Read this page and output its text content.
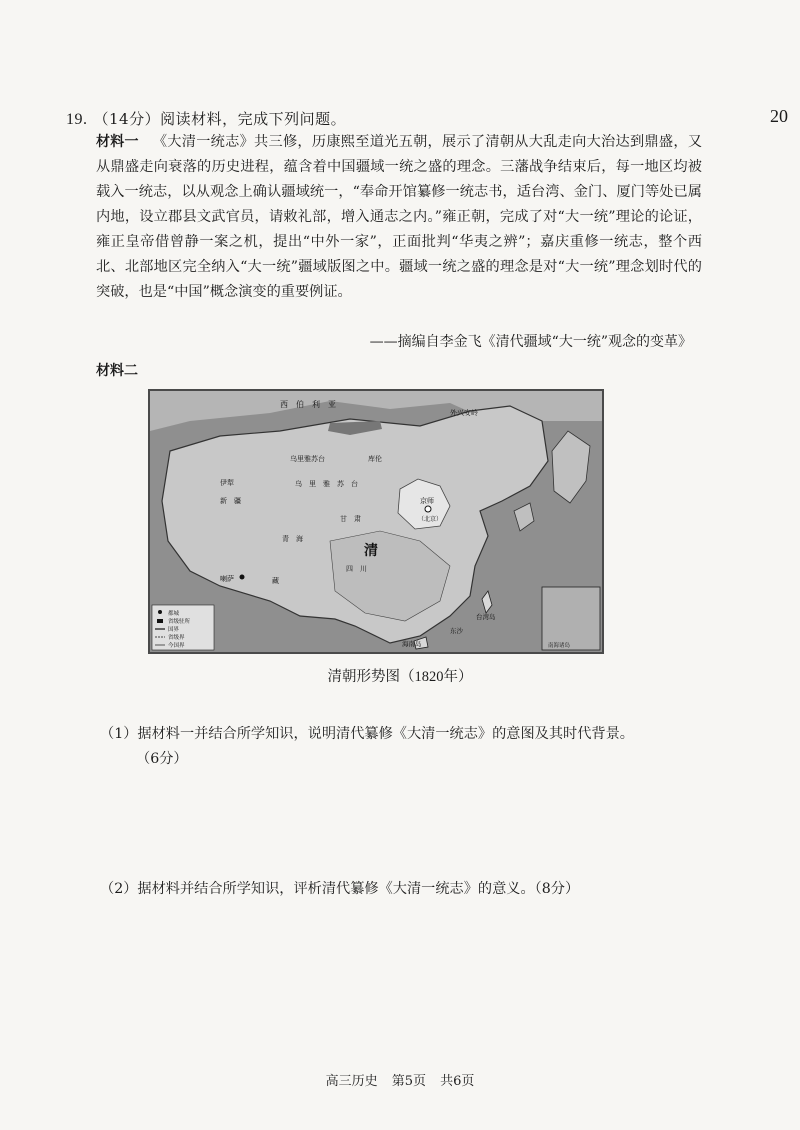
19. （14分）阅读材料，完成下列问题。	20
材料一 《大清一统志》共三修，历康熙至道光五朝，展示了清朝从大乱走向大治达到鼎盛，又从鼎盛走向衰落的历史进程，蕴含着中国疆域一统之盛的理念。三藩战争结束后，每一地区均被载入一统志，以从观念上确认疆域统一，“奉命开馆纂修一统志书，适台湾、金门、厦门等处已属内地，设立郡县文武官员，请敕礼部，增入通志之内。”雍正朝，完成了对“大一统”理论的论证，雍正皇帝借曾静一案之机，提出“中外一家”，正面批判“华夷之辨”；嘉庆重修一统志，整个西北、北部地区完全纳入“大一统”疆域版图之中。疆域一统之盛的理念是对“大一统”理念划时代的突破，也是“中国”概念演变的重要例证。
——摘编自李金飞《清代疆域“大一统”观念的变革》
材料二
西　伯　利　亚
外兴安岭
乌里雅苏台	库伦
伊犁
新　疆
乌　里　雅　苏　台
京师
（北京）
清
青　海
甘　肃
四　川
喇萨	藏
台湾岛
海南岛
东沙
南海诸岛
都城
省级驻所
国界
省级界
今国界
清朝形势图（1820年）
（1）据材料一并结合所学知识，说明清代纂修《大清一统志》的意图及其时代背景。
（6分）
（2）据材料并结合所学知识，评析清代纂修《大清一统志》的意义。（8分）
高三历史 第5页 共6页
